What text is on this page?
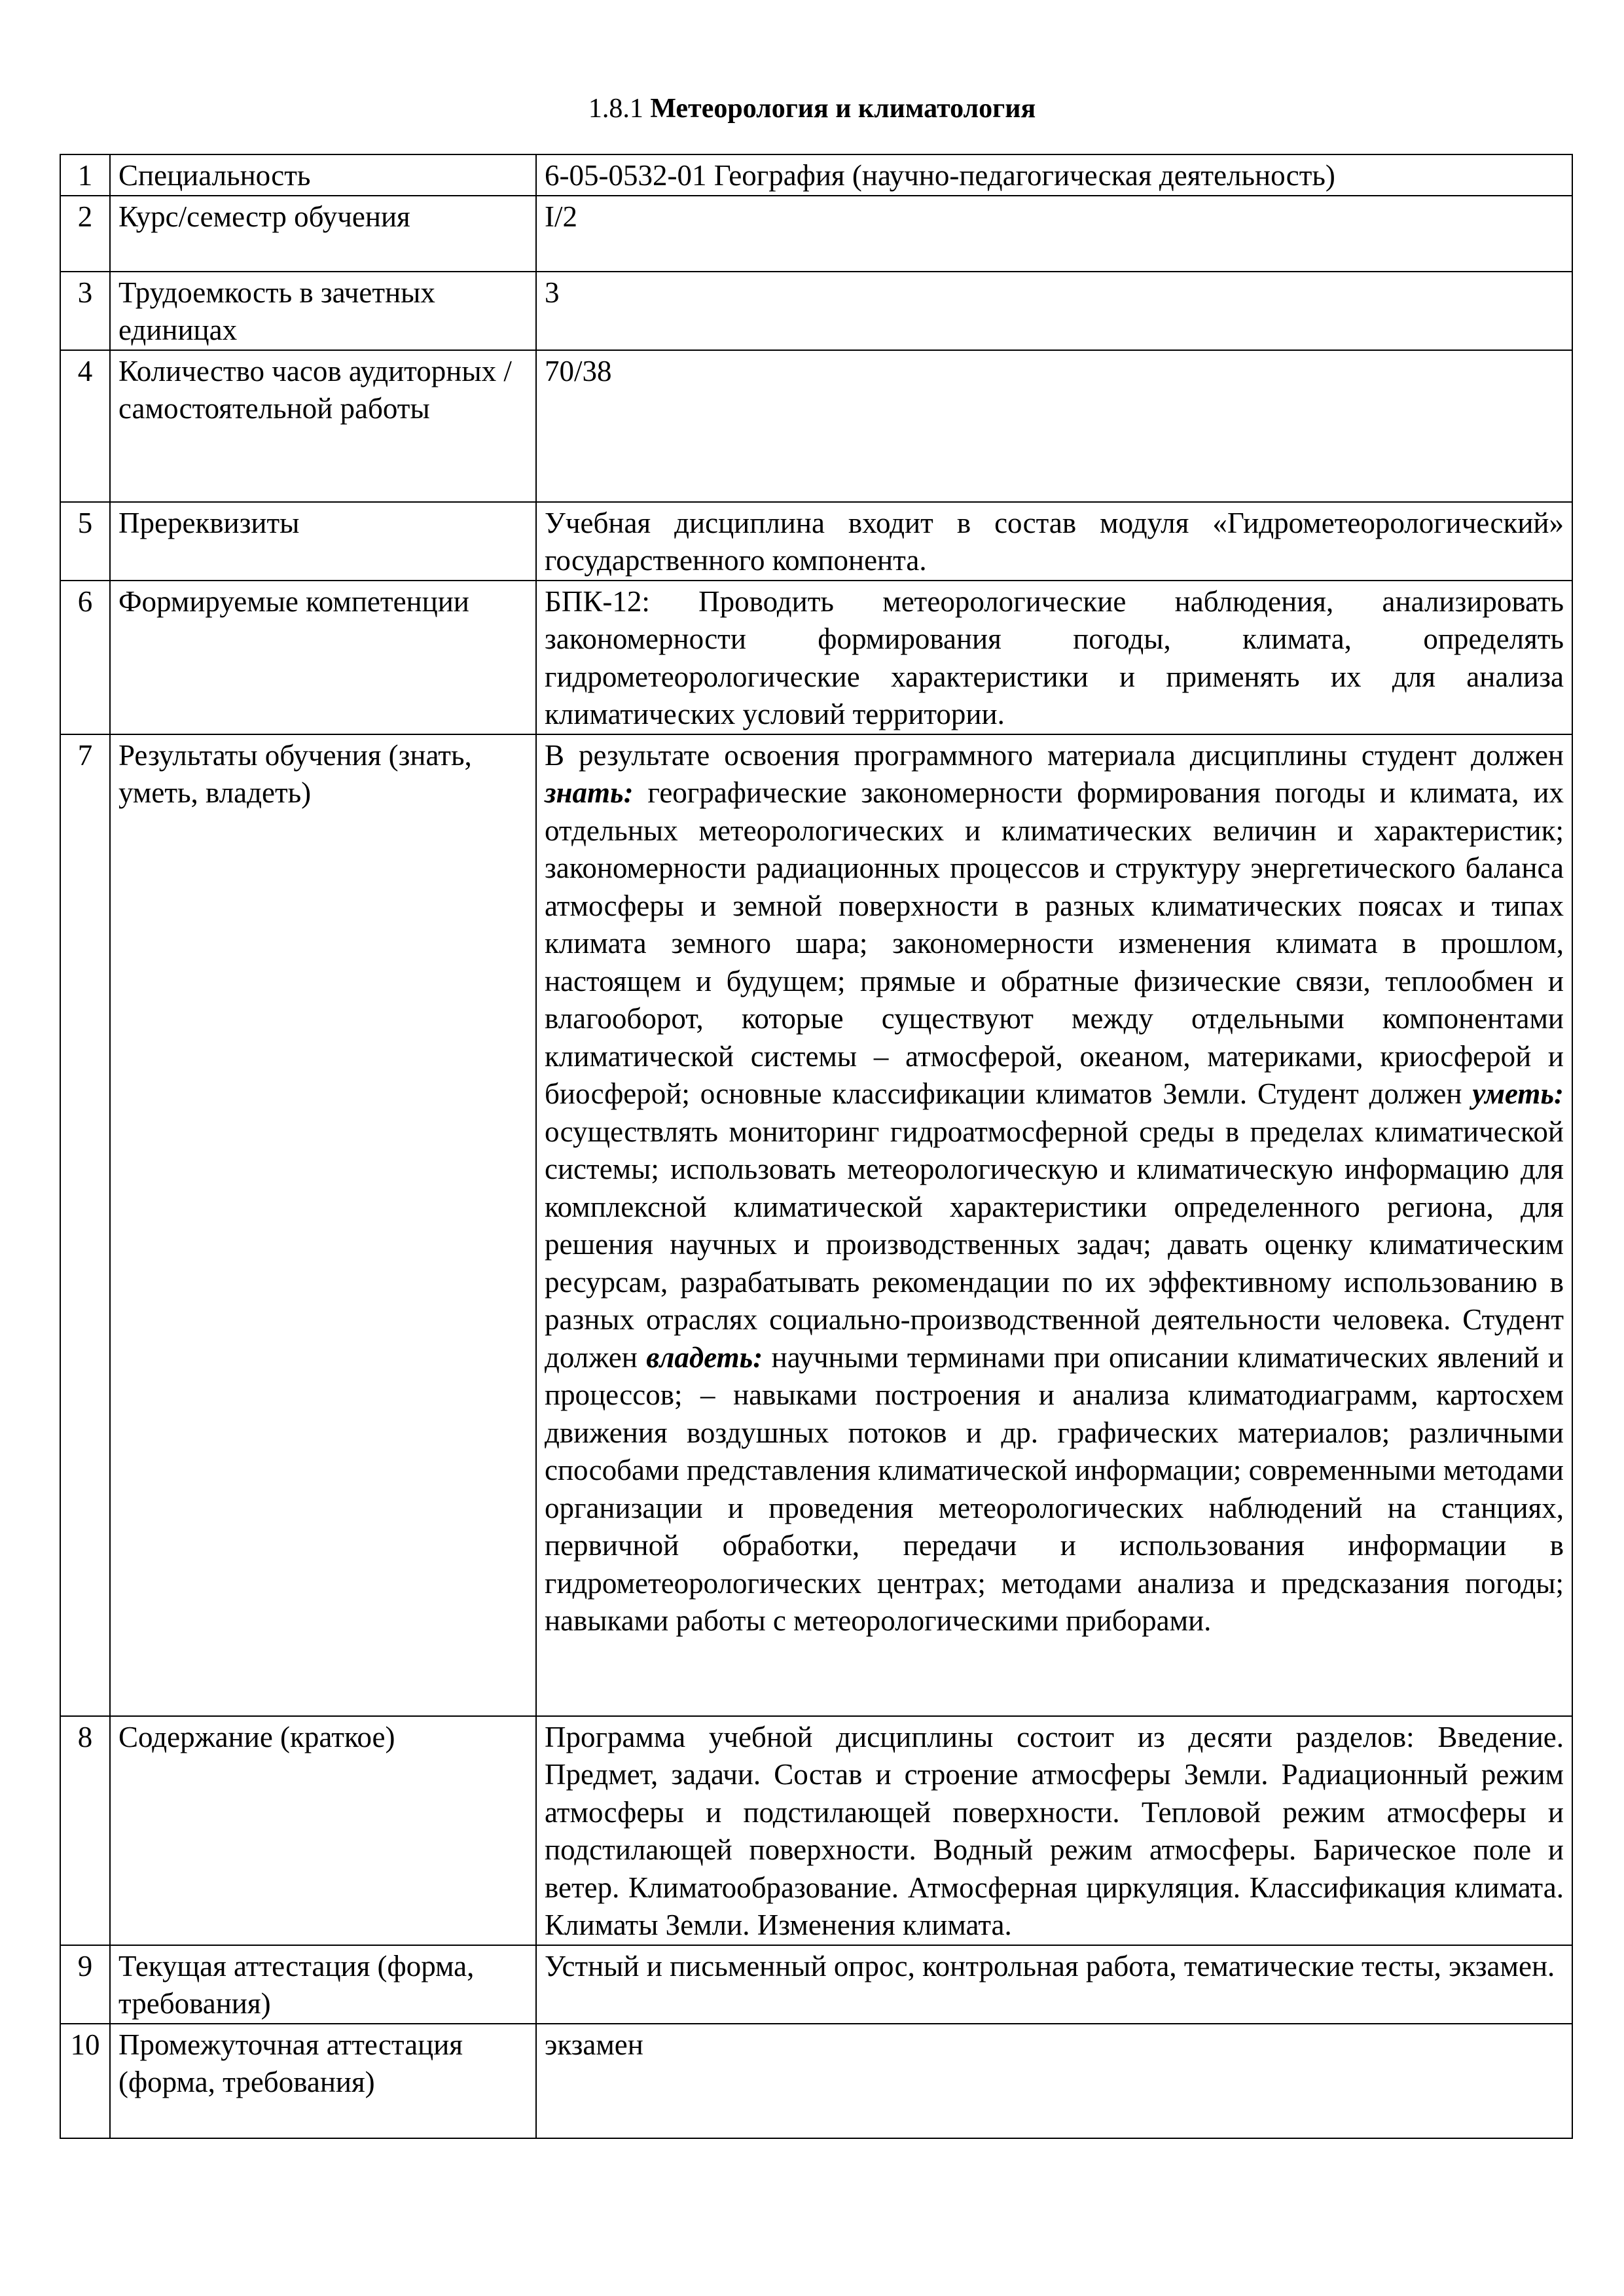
1.8.1 Метеорология и климатология
1	Специальность	6-05-0532-01 География (научно-педагогическая деятельность)
2	Курс/семестр обучения	I/2
3	Трудоемкость в зачетных единицах	3
4	Количество часов аудиторных / самостоятельной работы	70/38
5	Пререквизиты	Учебная дисциплина входит в состав модуля «Гидрометеорологический» государственного компонента.
6	Формируемые компетенции	БПК-12: Проводить метеорологические наблюдения, анализировать закономерности формирования погоды, климата, определять гидрометеорологические характеристики и применять их для анализа климатических условий территории.
7	Результаты обучения (знать, уметь, владеть)	В результате освоения программного материала дисциплины студент должен знать: географические закономерности формирования погоды и климата, их отдельных метеорологических и климатических величин и характеристик; закономерности радиационных процессов и структуру энергетического баланса атмосферы и земной поверхности в разных климатических поясах и типах климата земного шара; закономерности изменения климата в прошлом, настоящем и будущем; прямые и обратные физические связи, теплообмен и влагооборот, которые существуют между отдельными компонентами климатической системы – атмосферой, океаном, материками, криосферой и биосферой; основные классификации климатов Земли. Студент должен уметь: осуществлять мониторинг гидроатмосферной среды в пределах климатической системы; использовать метеорологическую и климатическую информацию для комплексной климатической характеристики определенного региона, для решения научных и производственных задач; давать оценку климатическим ресурсам, разрабатывать рекомендации по их эффективному использованию в разных отраслях социально-производственной деятельности человека. Студент должен владеть: научными терминами при описании климатических явлений и процессов; – навыками построения и анализа климатодиаграмм, картосхем движения воздушных потоков и др. графических материалов; различными способами представления климатической информации; современными методами организации и проведения метеорологических наблюдений на станциях, первичной обработки, передачи и использования информации в гидрометеорологических центрах; методами анализа и предсказания погоды; навыками работы с метеорологическими приборами.
8	Содержание (краткое)	Программа учебной дисциплины состоит из десяти разделов: Введение. Предмет, задачи. Состав и строение атмосферы Земли. Радиационный режим атмосферы и подстилающей поверхности. Тепловой режим атмосферы и подстилающей поверхности. Водный режим атмосферы. Барическое поле и ветер. Климатообразование. Атмосферная циркуляция. Классификация климата. Климаты Земли. Изменения климата.
9	Текущая аттестация (форма, требования)	Устный и письменный опрос, контрольная работа, тематические тесты, экзамен.
10	Промежуточная аттестация (форма, требования)	экзамен
